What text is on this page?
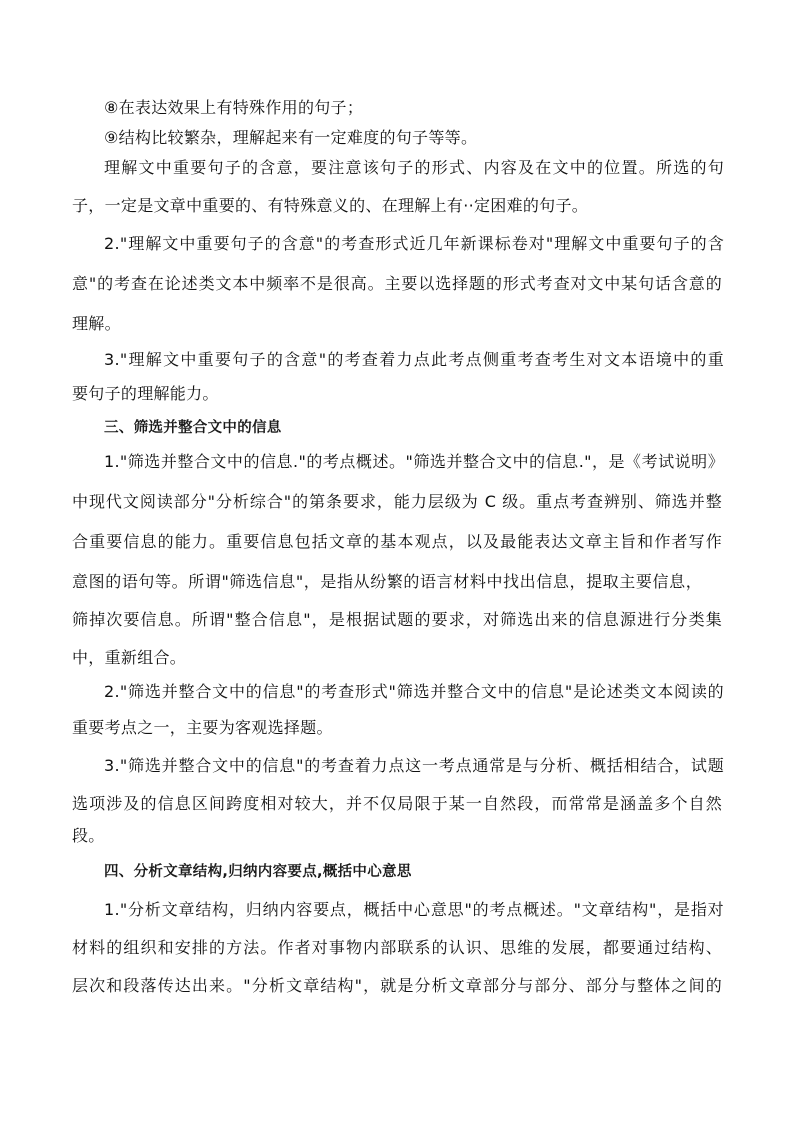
⑧在表达效果上有特殊作用的句子；
⑨结构比较繁杂，理解起来有一定难度的句子等等。
理解文中重要句子的含意，要注意该句子的形式、内容及在文中的位置。所选的句
子，一定是文章中重要的、有特殊意义的、在理解上有··定困难的句子。
2."理解文中重要句子的含意"的考查形式近几年新课标卷对"理解文中重要句子的含
意"的考查在论述类文本中频率不是很高。主要以选择题的形式考查对文中某句话含意的
理解。
3."理解文中重要句子的含意"的考查着力点此考点侧重考查考生对文本语境中的重
要句子的理解能力。
三、筛选并整合文中的信息
1."筛选并整合文中的信息."的考点概述。"筛选并整合文中的信息."，是《考试说明》
中现代文阅读部分"分析综合"的第条要求，能力层级为 C 级。重点考查辨别、筛选并整
合重要信息的能力。重要信息包括文章的基本观点，以及最能表达文章主旨和作者写作
意图的语句等。所谓"筛选信息"，是指从纷繁的语言材料中找出信息，提取主要信息，
筛掉次要信息。所谓"整合信息"，是根据试题的要求，对筛选出来的信息源进行分类集
中，重新组合。
2."筛选并整合文中的信息"的考查形式"筛选并整合文中的信息"是论述类文本阅读的
重要考点之一，主要为客观选择题。
3."筛选并整合文中的信息"的考查着力点这一考点通常是与分析、概括相结合，试题
选项涉及的信息区间跨度相对较大，并不仅局限于某一自然段，而常常是涵盖多个自然
段。
四、分析文章结构,归纳内容要点,概括中心意思
1."分析文章结构，归纳内容要点，概括中心意思"的考点概述。"文章结构"，是指对
材料的组织和安排的方法。作者对事物内部联系的认识、思维的发展，都要通过结构、
层次和段落传达出来。"分析文章结构"，就是分析文章部分与部分、部分与整体之间的
